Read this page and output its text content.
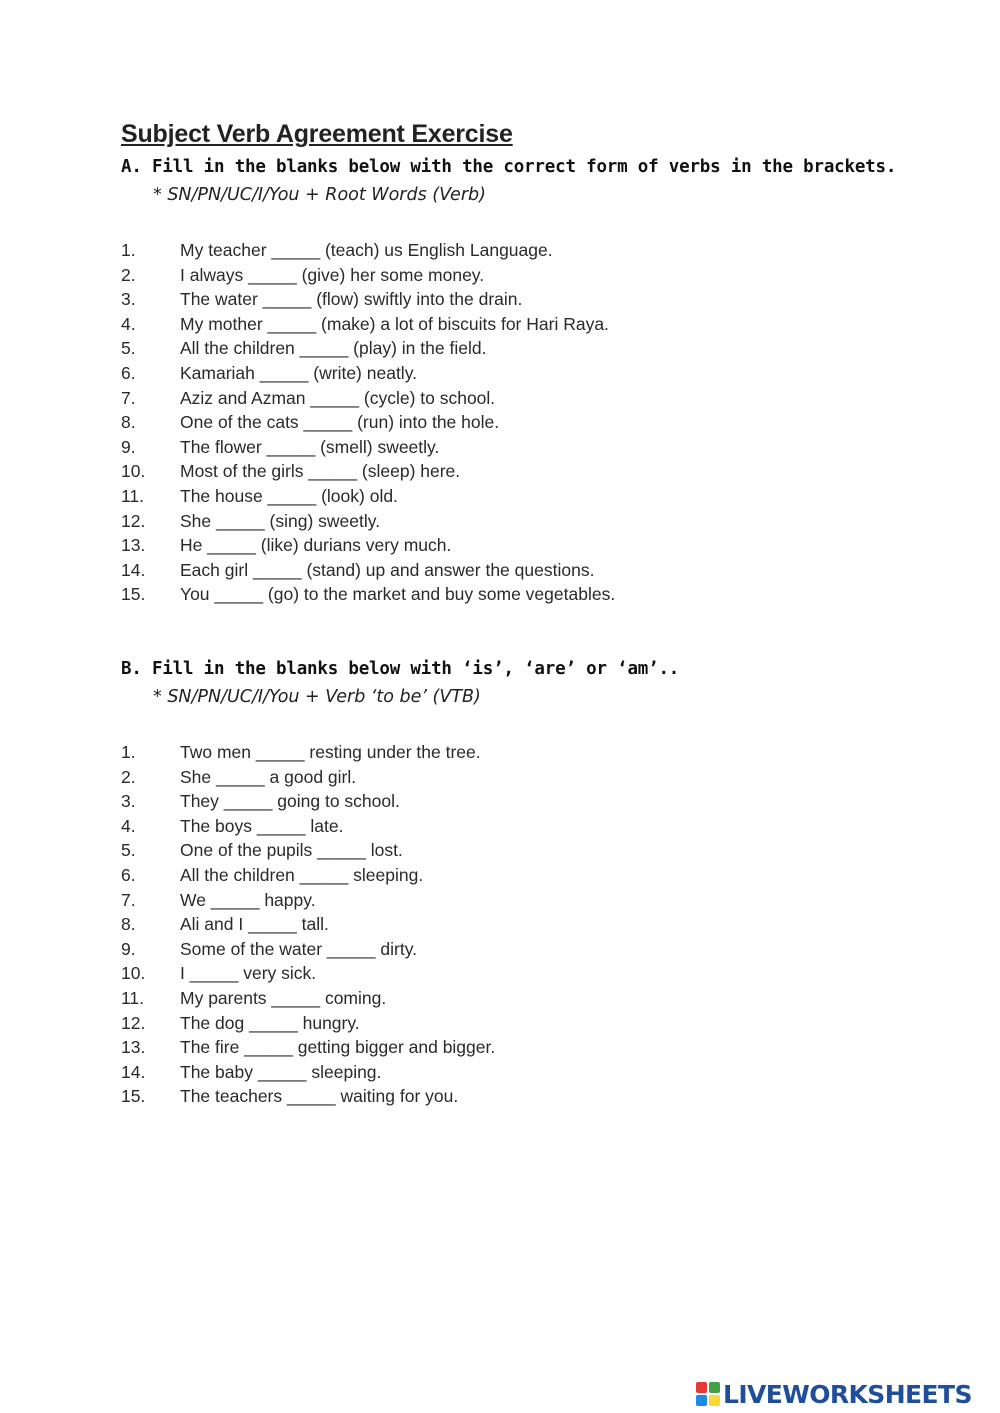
Subject Verb Agreement Exercise
A. Fill in the blanks below with the correct form of verbs in the brackets.
* SN/PN/UC/I/You + Root Words (Verb)
1.	My teacher _____ (teach) us English Language.
2.	I always _____ (give) her some money.
3.	The water _____ (flow) swiftly into the drain.
4.	My mother _____ (make) a lot of biscuits for Hari Raya.
5.	All the children _____ (play) in the field.
6.	Kamariah _____ (write) neatly.
7.	Aziz and Azman _____ (cycle) to school.
8.	One of the cats _____ (run) into the hole.
9.	The flower _____ (smell) sweetly.
10.	Most of the girls _____ (sleep) here.
11.	The house _____ (look) old.
12.	She _____ (sing) sweetly.
13.	He _____ (like) durians very much.
14.	Each girl _____ (stand) up and answer the questions.
15.	You _____ (go) to the market and buy some vegetables.
B. Fill in the blanks below with ‘is’, ‘are’ or ‘am’..
* SN/PN/UC/I/You + Verb ‘to be’ (VTB)
1.	Two men _____ resting under the tree.
2.	She _____ a good girl.
3.	They _____ going to school.
4.	The boys _____ late.
5.	One of the pupils _____ lost.
6.	All the children _____ sleeping.
7.	We _____ happy.
8.	Ali and I _____ tall.
9.	Some of the water _____ dirty.
10.	I _____ very sick.
11.	My parents _____ coming.
12.	The dog _____ hungry.
13.	The fire _____ getting bigger and bigger.
14.	The baby _____ sleeping.
15.	The teachers _____ waiting for you.
LIVEWORKSHEETS
